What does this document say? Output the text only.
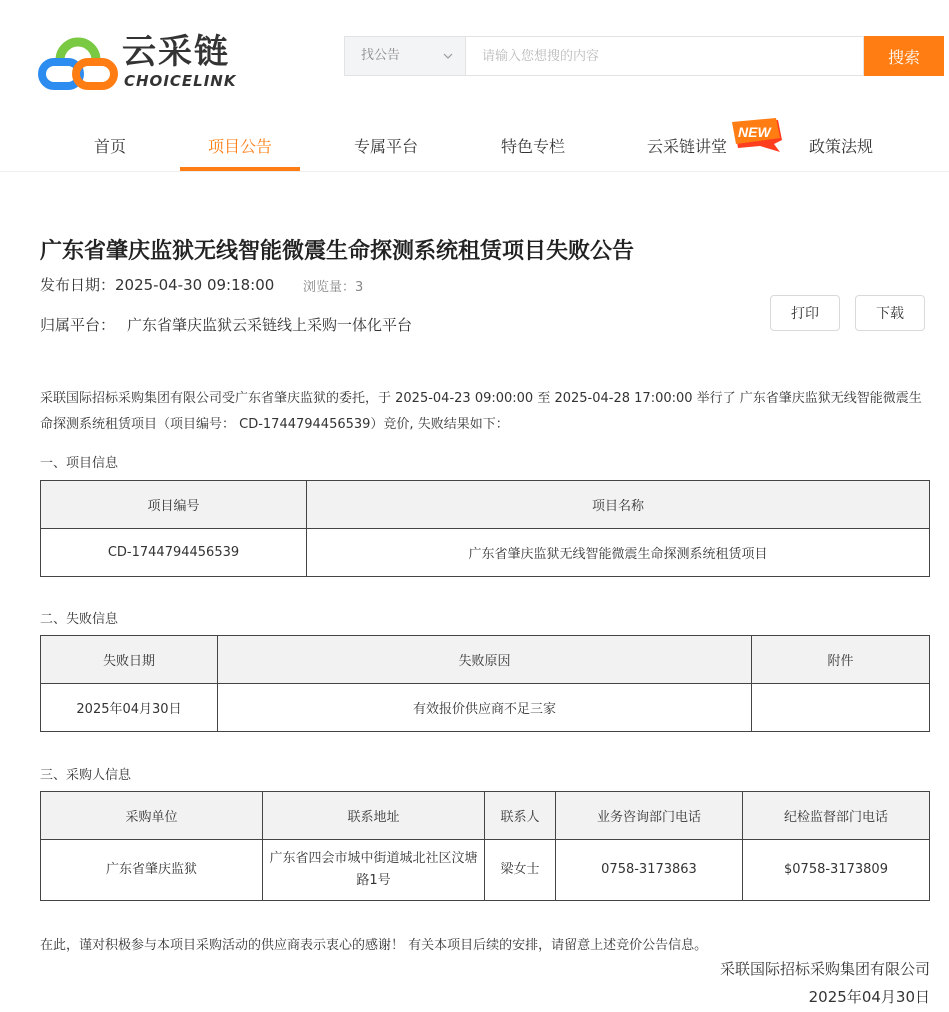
云采链
CHOICELINK
找公告
请输入您想搜的内容	搜索
首页	项目公告	专属平台	特色专栏	云采链讲堂	政策法规
NEW
广东省肇庆监狱无线智能微震生命探测系统租赁项目失败公告
发布日期：2025-04-30 09:18:00 浏览量：3
归属平台： 广东省肇庆监狱云采链线上采购一体化平台
打印	下载

采联国际招标采购集团有限公司受广东省肇庆监狱的委托，于 2025-04-23 09:00:00 至 2025-04-28 17:00:00 举行了 广东省肇庆监狱无线智能微震生命探测系统租赁项目（项目编号： CD-1744794456539）竞价, 失败结果如下：

一、项目信息
项目编号	项目名称
CD-1744794456539	广东省肇庆监狱无线智能微震生命探测系统租赁项目
二、失败信息
失败日期	失败原因	附件
2025年04月30日	有效报价供应商不足三家	
三、采购人信息
采购单位	联系地址	联系人	业务咨询部门电话	纪检监督部门电话
广东省肇庆监狱	广东省四会市城中街道城北社区汶塘路1号	梁女士	0758-3173863	$0758-3173809
在此，谨对积极参与本项目采购活动的供应商表示衷心的感谢！ 有关本项目后续的安排，请留意上述竞价公告信息。
采联国际招标采购集团有限公司
2025年04月30日
